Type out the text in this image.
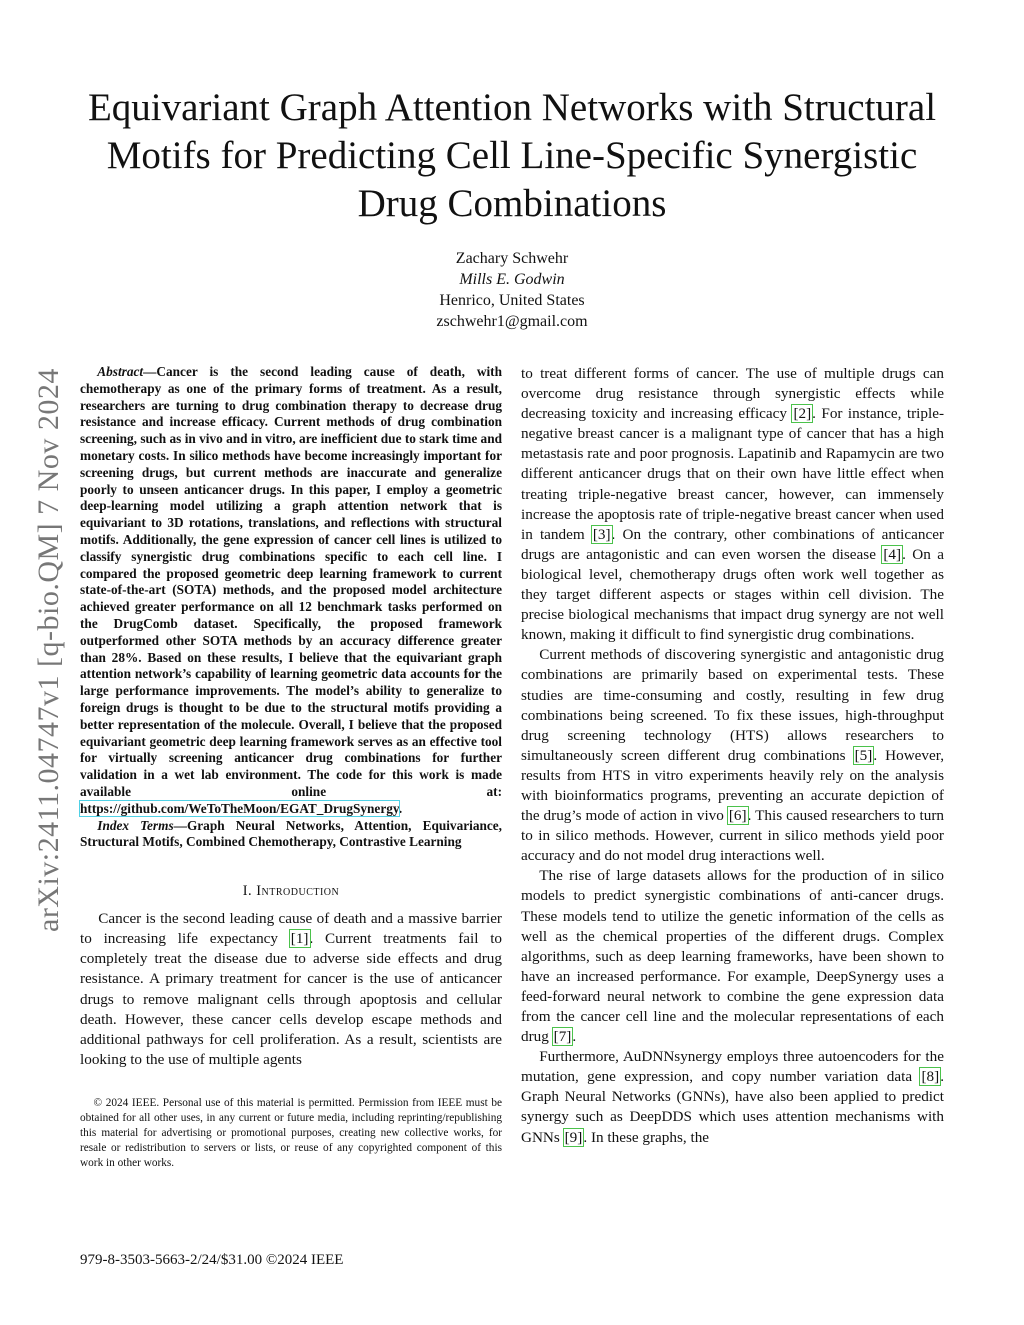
arXiv:2411.04747v1 [q-bio.QM] 7 Nov 2024
Equivariant Graph Attention Networks with Structural Motifs for Predicting Cell Line-Specific Synergistic Drug Combinations
Zachary Schwehr
Mills E. Godwin
Henrico, United States
zschwehr1@gmail.com

Abstract—Cancer is the second leading cause of death, with chemotherapy as one of the primary forms of treatment. As a result, researchers are turning to drug combination therapy to decrease drug resistance and increase efficacy. Current methods of drug combination screening, such as in vivo and in vitro, are inefficient due to stark time and monetary costs. In silico methods have become increasingly important for screening drugs, but current methods are inaccurate and generalize poorly to unseen anticancer drugs. In this paper, I employ a geometric deep-learning model utilizing a graph attention network that is equivariant to 3D rotations, translations, and reflections with structural motifs. Additionally, the gene expression of cancer cell lines is utilized to classify synergistic drug combinations specific to each cell line. I compared the proposed geometric deep learning framework to current state-of-the-art (SOTA) methods, and the proposed model architecture achieved greater performance on all 12 benchmark tasks performed on the DrugComb dataset. Specifically, the proposed framework outperformed other SOTA methods by an accuracy difference greater than 28%. Based on these results, I believe that the equivariant graph attention network’s capability of learning geometric data accounts for the large performance improvements. The model’s ability to generalize to foreign drugs is thought to be due to the structural motifs providing a better representation of the molecule. Overall, I believe that the proposed equivariant geometric deep learning framework serves as an effective tool for virtually screening anticancer drug combinations for further validation in a wet lab environment. The code for this work is made available online at: https://github.com/WeToTheMoon/EGAT_DrugSynergy.

Index Terms—Graph Neural Networks, Attention, Equivariance, Structural Motifs, Combined Chemotherapy, Contrastive Learning

I. Introduction

Cancer is the second leading cause of death and a massive barrier to increasing life expectancy [1]. Current treatments fail to completely treat the disease due to adverse side effects and drug resistance. A primary treatment for cancer is the use of anticancer drugs to remove malignant cells through apoptosis and cellular death. However, these cancer cells develop escape methods and additional pathways for cell proliferation. As a result, scientists are looking to the use of multiple agents

© 2024 IEEE. Personal use of this material is permitted. Permission from IEEE must be obtained for all other uses, in any current or future media, including reprinting/republishing this material for advertising or promotional purposes, creating new collective works, for resale or redistribution to servers or lists, or reuse of any copyrighted component of this work in other works.

to treat different forms of cancer. The use of multiple drugs can overcome drug resistance through synergistic effects while decreasing toxicity and increasing efficacy [2]. For instance, triple-negative breast cancer is a malignant type of cancer that has a high metastasis rate and poor prognosis. Lapatinib and Rapamycin are two different anticancer drugs that on their own have little effect when treating triple-negative breast cancer, however, can immensely increase the apoptosis rate of triple-negative breast cancer when used in tandem [3]. On the contrary, other combinations of anticancer drugs are antagonistic and can even worsen the disease [4]. On a biological level, chemotherapy drugs often work well together as they target different aspects or stages within cell division. The precise biological mechanisms that impact drug synergy are not well known, making it difficult to find synergistic drug combinations.

Current methods of discovering synergistic and antagonistic drug combinations are primarily based on experimental tests. These studies are time-consuming and costly, resulting in few drug combinations being screened. To fix these issues, high-throughput drug screening technology (HTS) allows researchers to simultaneously screen different drug combinations [5]. However, results from HTS in vitro experiments heavily rely on the analysis with bioinformatics programs, preventing an accurate depiction of the drug’s mode of action in vivo [6]. This caused researchers to turn to in silico methods. However, current in silico methods yield poor accuracy and do not model drug interactions well.

The rise of large datasets allows for the production of in silico models to predict synergistic combinations of anti-cancer drugs. These models tend to utilize the genetic information of the cells as well as the chemical properties of the different drugs. Complex algorithms, such as deep learning frameworks, have been shown to have an increased performance. For example, DeepSynergy uses a feed-forward neural network to combine the gene expression data from the cancer cell line and the molecular representations of each drug [7].

Furthermore, AuDNNsynergy employs three autoencoders for the mutation, gene expression, and copy number variation data [8]. Graph Neural Networks (GNNs), have also been applied to predict synergy such as DeepDDS which uses attention mechanisms with GNNs [9]. In these graphs, the

979-8-3503-5663-2/24/$31.00 ©2024 IEEE
